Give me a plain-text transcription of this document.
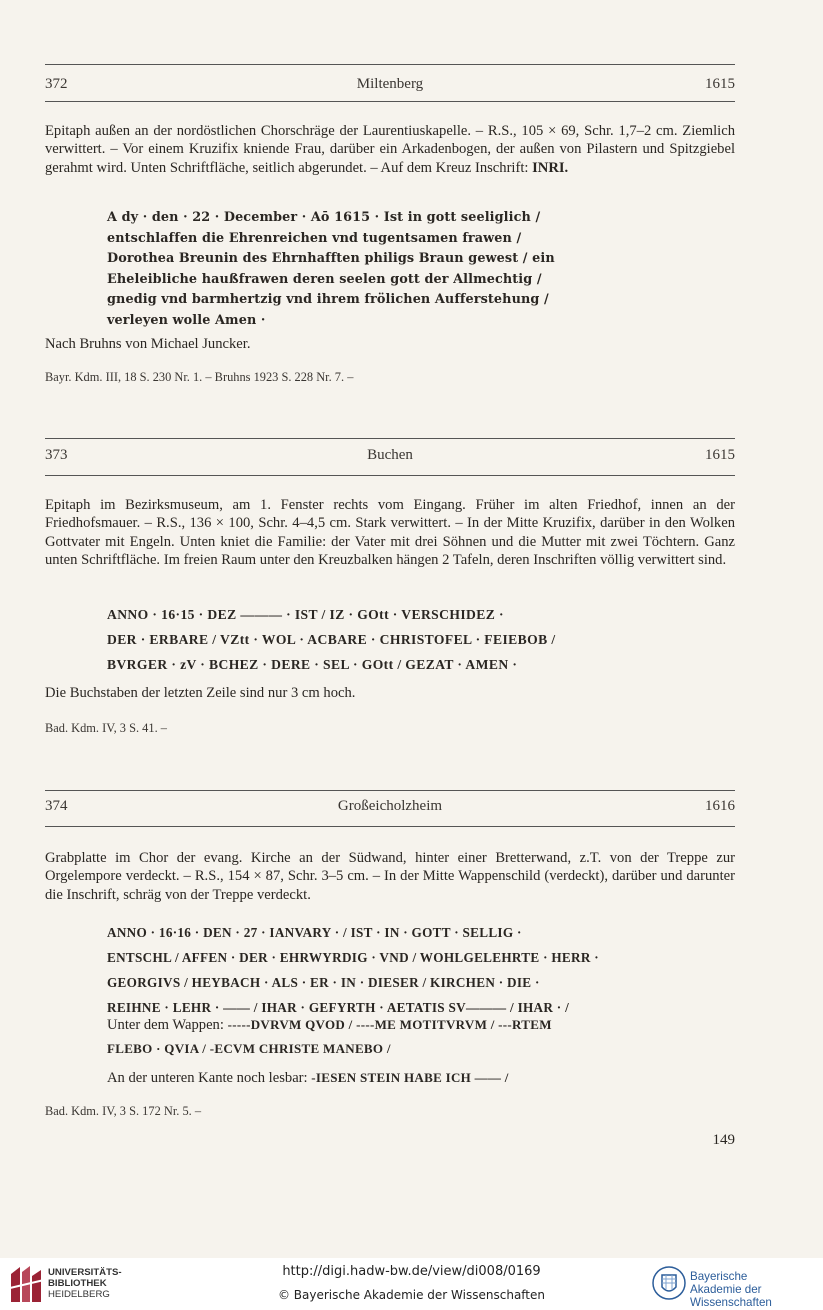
372	Miltenberg	1615

Epitaph außen an der nordöstlichen Chorschräge der Laurentiuskapelle. – R.S., 105 × 69, Schr. 1,7–2 cm. Ziemlich verwittert. – Vor einem Kruzifix kniende Frau, darüber ein Arkadenbogen, der außen von Pilastern und Spitzgiebel gerahmt wird. Unten Schriftfläche, seitlich abgerundet. – Auf dem Kreuz Inschrift: INRI.

A dy · den · 22 · December · Aō 1615 · Ist in gott seeliglich /
entschlaffen die Ehrenreichen vnd tugentsamen frawen /
Dorothea Breunin des Ehrnhafften philigs Braun gewest / ein
Eheleibliche haußfrawen deren seelen gott der Allmechtig /
gnedig vnd barmhertzig vnd ihrem frölichen Aufferstehung /
verleyen wolle Amen ·

Nach Bruhns von Michael Juncker.

Bayr. Kdm. III, 18 S. 230 Nr. 1. – Bruhns 1923 S. 228 Nr. 7. –

373	Buchen	1615

Epitaph im Bezirksmuseum, am 1. Fenster rechts vom Eingang. Früher im alten Friedhof, innen an der Friedhofsmauer. – R.S., 136 × 100, Schr. 4–4,5 cm. Stark verwittert. – In der Mitte Kruzifix, darüber in den Wolken Gottvater mit Engeln. Unten kniet die Familie: der Vater mit drei Söhnen und die Mutter mit zwei Töchtern. Ganz unten Schriftfläche. Im freien Raum unter den Kreuzbalken hängen 2 Tafeln, deren Inschriften völlig verwittert sind.

ANNO · 16·15 · DEZ ——— · IST / IZ · GOtt · VERSCHIDEZ ·
DER · ERBARE / VZtt · WOL · ACBARE · CHRISTOFEL · FEIEBOB /
BVRGER · ᴢV · BCHEZ · DERE · SEL · GOtt / GEZAT · AMEN ·

Die Buchstaben der letzten Zeile sind nur 3 cm hoch.

Bad. Kdm. IV, 3 S. 41. –

374	Großeicholzheim	1616

Grabplatte im Chor der evang. Kirche an der Südwand, hinter einer Bretterwand, z.T. von der Treppe zur Orgelempore verdeckt. – R.S., 154 × 87, Schr. 3–5 cm. – In der Mitte Wappenschild (verdeckt), darüber und darunter die Inschrift, schräg von der Treppe verdeckt.

ANNO · 16·16 · DEN · 27 · IANVARY · / IST · IN · GOTT · SELLIG ·
ENTSCHL / AFFEN · DER · EHRWYRDIG · VND / WOHLGELEHRTE · HERR ·
GEORGIVS / HEYBACH · ALS · ER · IN · DIESER / KIRCHEN · DIE ·
REIHNE · LEHR · —— / IHAR · GEFYRTH · AETATIS SV——— / IHAR · /
Unter dem Wappen: -----DVRVM QVOD / ----ME MOTITVRVM / ---RTEM
FLEBO · QVIA / -ECVM CHRISTE MANEBO /
An der unteren Kante noch lesbar: -IESEN STEIN HABE ICH —— /

Bad. Kdm. IV, 3 S. 172 Nr. 5. –

149
UNIVERSITÄTS-
BIBLIOTHEK
HEIDELBERG
http://digi.hadw-bw.de/view/di008/0169
© Bayerische Akademie der Wissenschaften
Bayerische
Akademie der Wissenschaften
